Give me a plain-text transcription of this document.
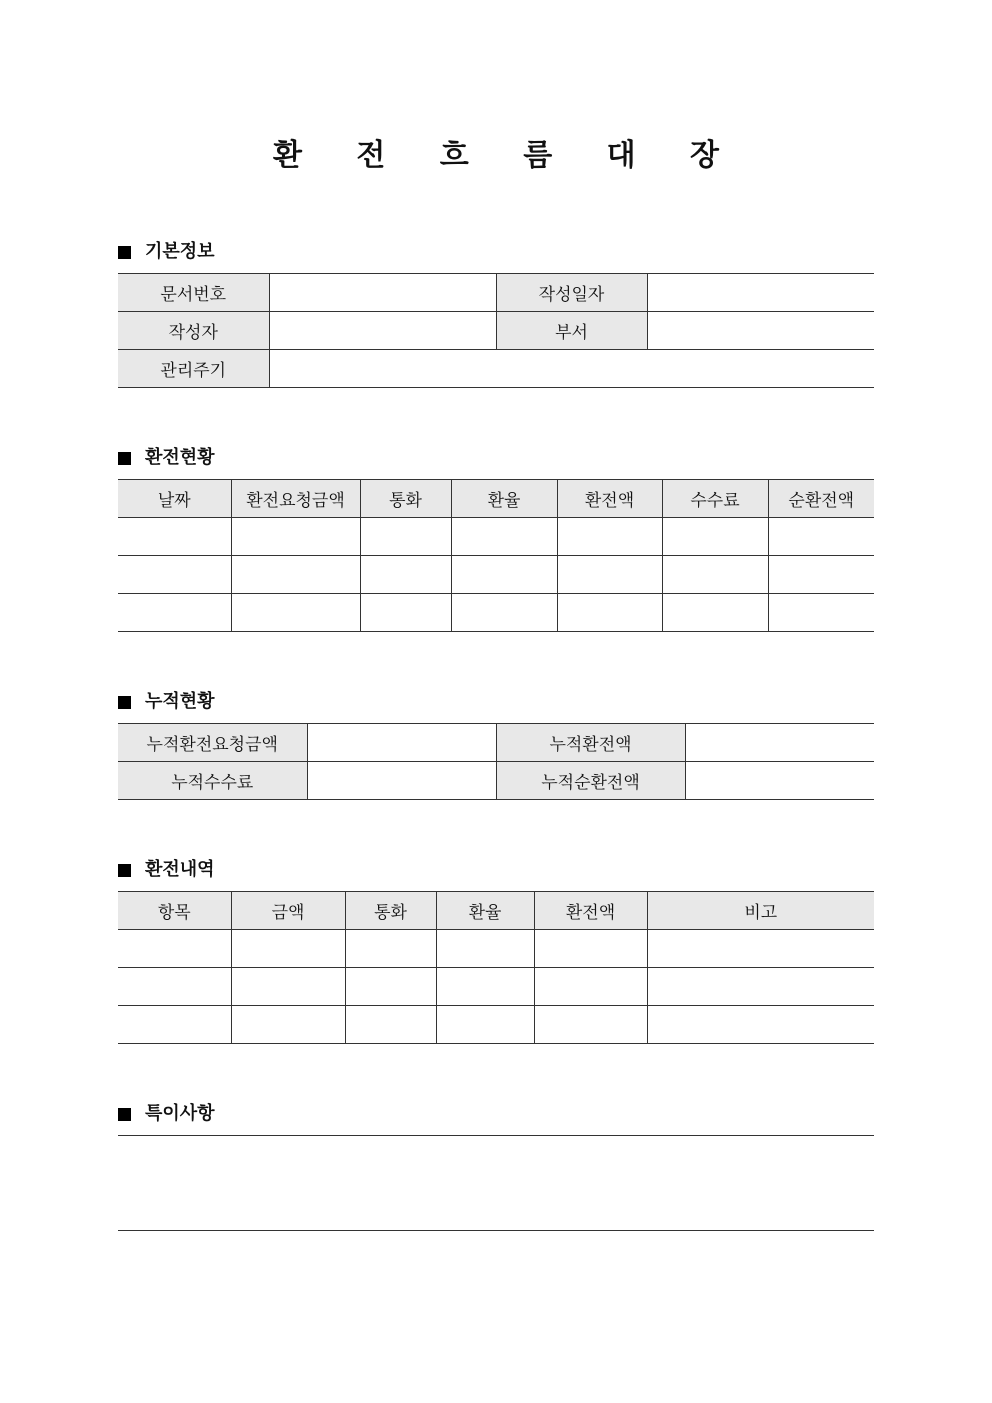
환 전 흐 름 대 장
기본정보
문서번호		작성일자	
작성자		부서	
관리주기			
환전현황
날짜	환전요청금액	통화	환율	환전액	수수료	순환전액

누적현황
누적환전요청금액		누적환전액	
누적수수료		누적순환전액	
환전내역
항목	금액	통화	환율	환전액	비고

특이사항
